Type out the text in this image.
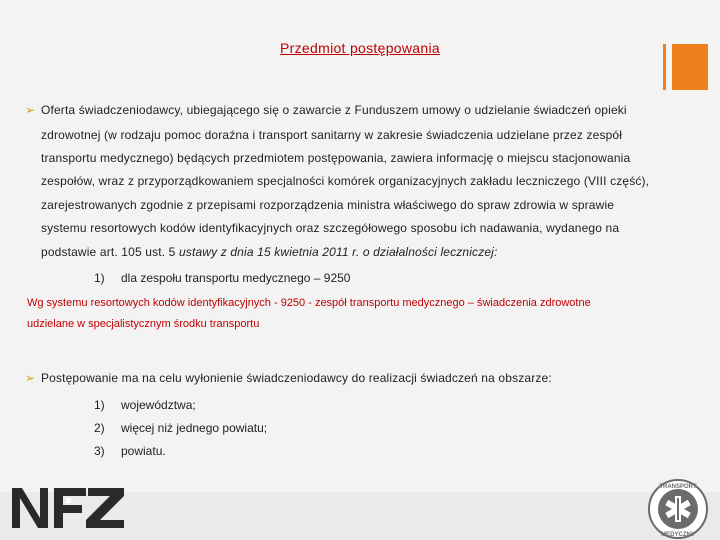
Przedmiot postępowania
➢ Oferta świadczeniodawcy, ubiegającego się o zawarcie z Funduszem umowy o udzielanie świadczeń opieki
zdrowotnej (w rodzaju pomoc doraźna i transport sanitarny w zakresie świadczenia udzielane przez zespół
transportu medycznego) będących przedmiotem postępowania, zawiera informację o miejscu stacjonowania
zespołów, wraz z przyporządkowaniem specjalności komórek organizacyjnych zakładu leczniczego (VIII część),
zarejestrowanych zgodnie z przepisami rozporządzenia ministra właściwego do spraw zdrowia w sprawie
systemu resortowych kodów identyfikacyjnych oraz szczegółowego sposobu ich nadawania, wydanego na
podstawie art. 105 ust. 5 ustawy z dnia 15 kwietnia 2011 r. o działalności leczniczej:
1) dla zespołu transportu medycznego – 9250
Wg systemu resortowych kodów identyfikacyjnych - 9250 - zespół transportu medycznego – świadczenia zdrowotne
udzielane w specjalistycznym środku transportu
➢ Postępowanie ma na celu wyłonienie świadczeniodawcy do realizacji świadczeń na obszarze:
1) województwa;
2) więcej niż jednego powiatu;
3) powiatu.
TRANSPORT
MEDYCZNY
